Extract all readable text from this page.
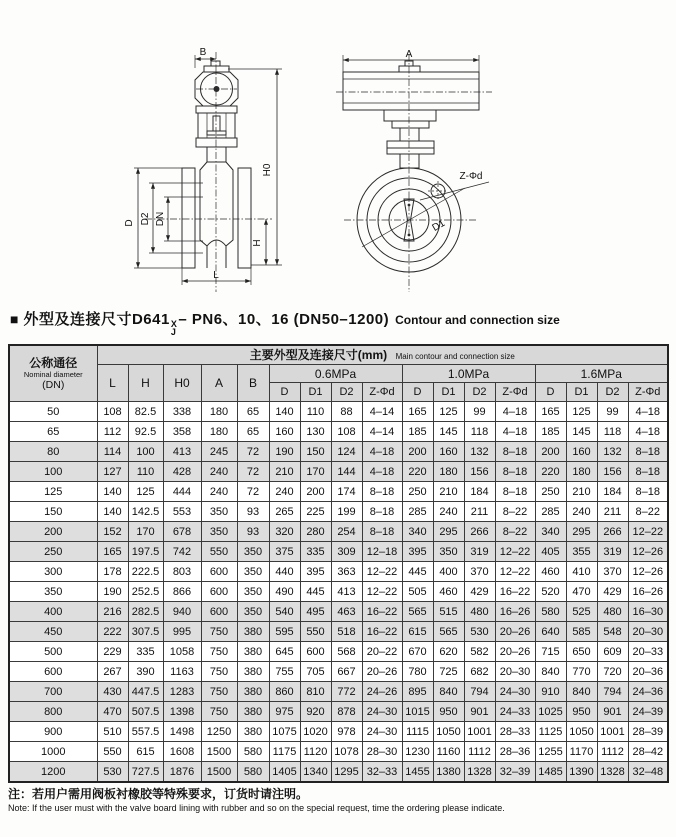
B
D D2 DN
H0
H
L
A
D1
Z-Φd
■ 外型及连接尺寸D641 X
J
– PN6、10、16 (DN50–1200) Contour and connection size
公称通径
Nominal diameter
(DN)	主要外型及连接尺寸(mm) Main contour and connection size																
	L	H	H0	A	B	0.6MPa				1.0MPa				1.6MPa			
						D	D1	D2	Z-Φd	D	D1	D2	Z-Φd	D	D1	D2	Z-Φd
50	108	82.5	338	180	65	140	110	88	4–14	165	125	99	4–18	165	125	99	4–18
65	112	92.5	358	180	65	160	130	108	4–14	185	145	118	4–18	185	145	118	4–18
80	114	100	413	245	72	190	150	124	4–18	200	160	132	8–18	200	160	132	8–18
100	127	110	428	240	72	210	170	144	4–18	220	180	156	8–18	220	180	156	8–18
125	140	125	444	240	72	240	200	174	8–18	250	210	184	8–18	250	210	184	8–18
150	140	142.5	553	350	93	265	225	199	8–18	285	240	211	8–22	285	240	211	8–22
200	152	170	678	350	93	320	280	254	8–18	340	295	266	8–22	340	295	266	12–22
250	165	197.5	742	550	350	375	335	309	12–18	395	350	319	12–22	405	355	319	12–26
300	178	222.5	803	600	350	440	395	363	12–22	445	400	370	12–22	460	410	370	12–26
350	190	252.5	866	600	350	490	445	413	12–22	505	460	429	16–22	520	470	429	16–26
400	216	282.5	940	600	350	540	495	463	16–22	565	515	480	16–26	580	525	480	16–30
450	222	307.5	995	750	380	595	550	518	16–22	615	565	530	20–26	640	585	548	20–30
500	229	335	1058	750	380	645	600	568	20–22	670	620	582	20–26	715	650	609	20–33
600	267	390	1163	750	380	755	705	667	20–26	780	725	682	20–30	840	770	720	20–36
700	430	447.5	1283	750	380	860	810	772	24–26	895	840	794	24–30	910	840	794	24–36
800	470	507.5	1398	750	380	975	920	878	24–30	1015	950	901	24–33	1025	950	901	24–39
900	510	557.5	1498	1250	380	1075	1020	978	24–30	1115	1050	1001	28–33	1125	1050	1001	28–39
1000	550	615	1608	1500	580	1175	1120	1078	28–30	1230	1160	1112	28–36	1255	1170	1112	28–42
1200	530	727.5	1876	1500	580	1405	1340	1295	32–33	1455	1380	1328	32–39	1485	1390	1328	32–48
注：若用户需用阀板衬橡胶等特殊要求，订货时请注明。
Note: If the user must with the valve board lining with rubber and so on the special request, time the ordering please indicate.
